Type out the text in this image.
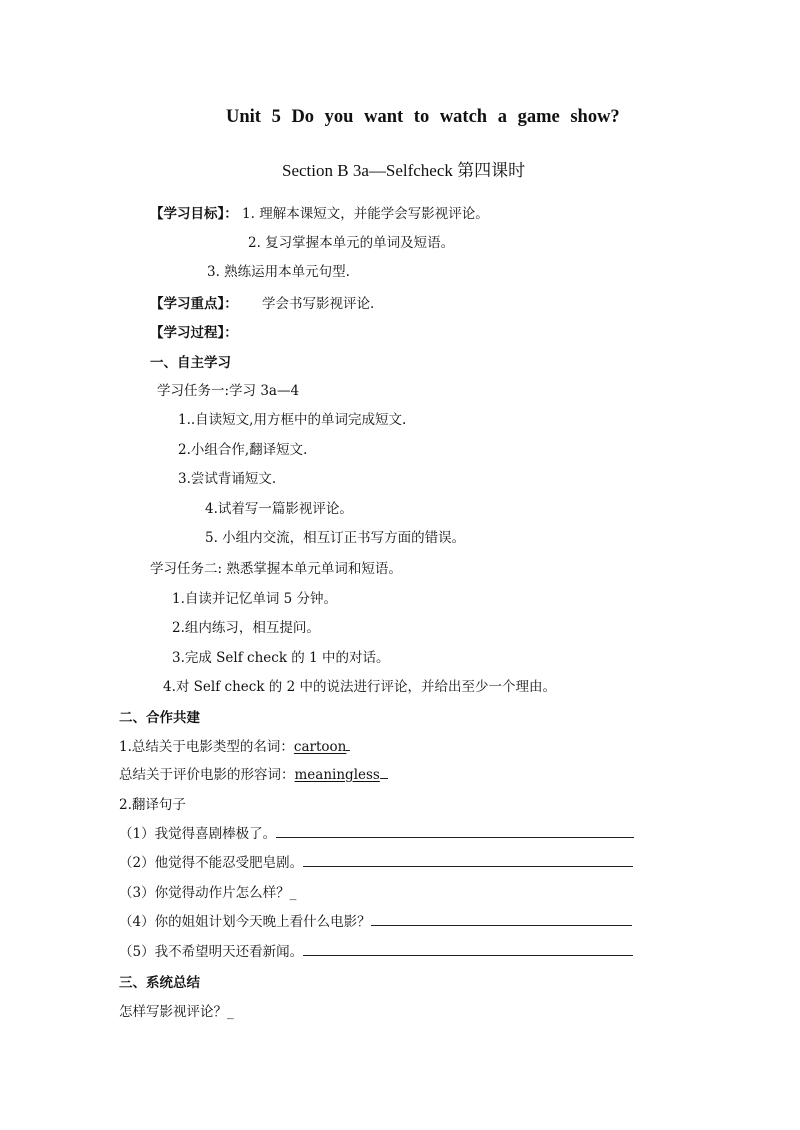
Unit 5 Do you want to watch a game show?
Section B 3a—Selfcheck 第四课时
【学习目标】： 1. 理解本课短文，并能学会写影视评论。
2. 复习掌握本单元的单词及短语。
3. 熟练运用本单元句型.
【学习重点】： 学会书写影视评论.
【学习过程】：
一、自主学习
学习任务一:学习 3a—4
1..自读短文,用方框中的单词完成短文.
2.小组合作,翻译短文.
3.尝试背诵短文.
4.试着写一篇影视评论。
5. 小组内交流，相互订正书写方面的错误。
学习任务二: 熟悉掌握本单元单词和短语。
1.自读并记忆单词 5 分钟。
2.组内练习，相互提问。
3.完成 Self check 的 1 中的对话。
4.对 Self check 的 2 中的说法进行评论，并给出至少一个理由。
二、合作共建
1.总结关于电影类型的名词：cartoon
总结关于评价电影的形容词：meaningless
2.翻译句子
（1）我觉得喜剧棒极了。
（2）他觉得不能忍受肥皂剧。
（3）你觉得动作片怎么样？_
（4）你的姐姐计划今天晚上看什么电影？
（5）我不希望明天还看新闻。
三、系统总结
怎样写影视评论？_
